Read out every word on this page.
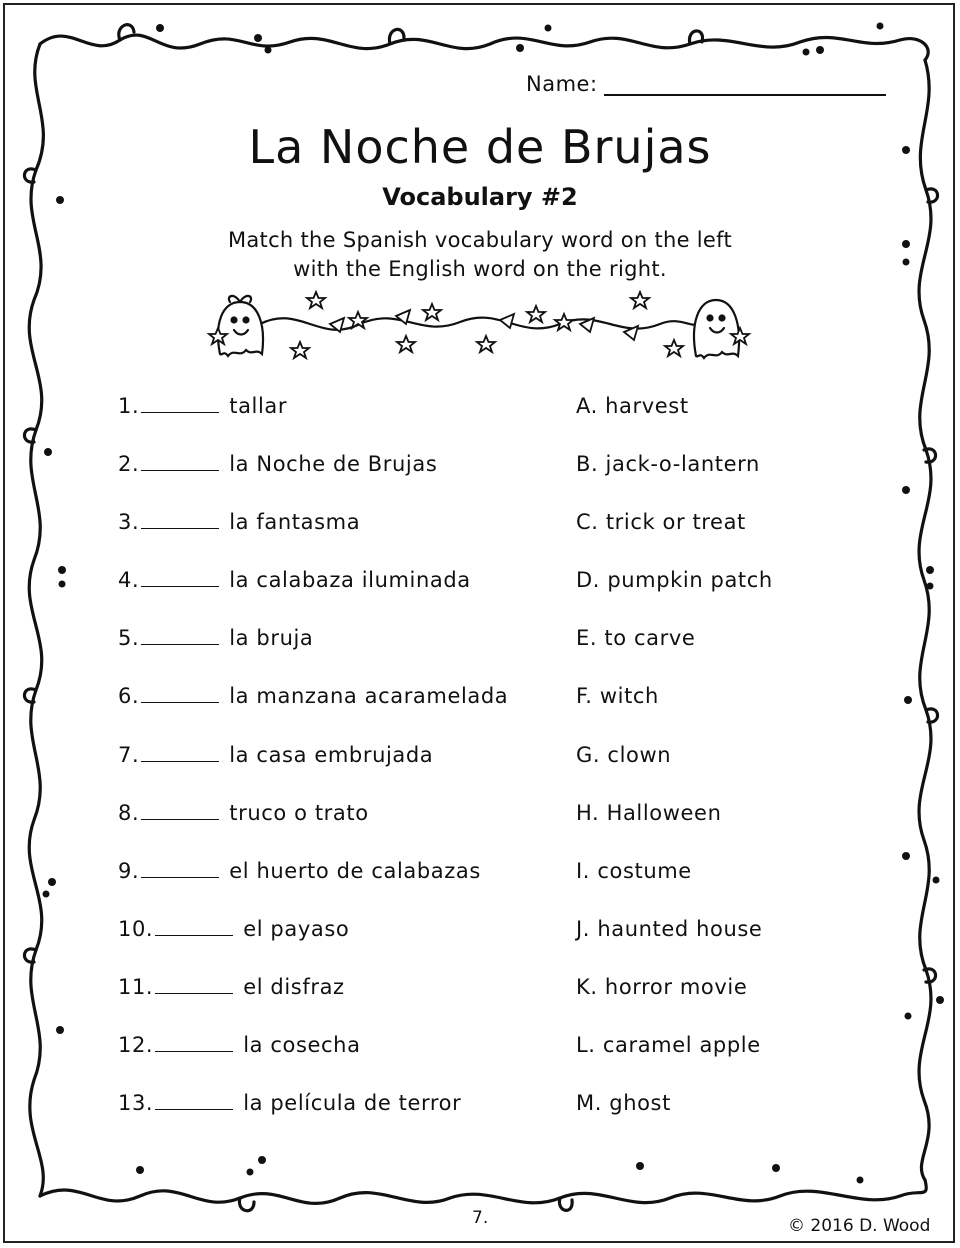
Name:
La Noche de Brujas
Vocabulary #2
Match the Spanish vocabulary word on the left
with the English word on the right.
1.	tallar
2.	la Noche de Brujas
3.	la fantasma
4.	la calabaza iluminada
5.	la bruja
6.	la manzana acaramelada
7.	la casa embrujada
8.	truco o trato
9.	el huerto de calabazas
10.	el payaso
11.	el disfraz
12.	la cosecha
13.	la película de terror
A. harvest
B. jack-o-lantern
C. trick or treat
D. pumpkin patch
E. to carve
F. witch
G. clown
H. Halloween
I. costume
J. haunted house
K. horror movie
L. caramel apple
M. ghost
7.	© 2016 D. Wood
